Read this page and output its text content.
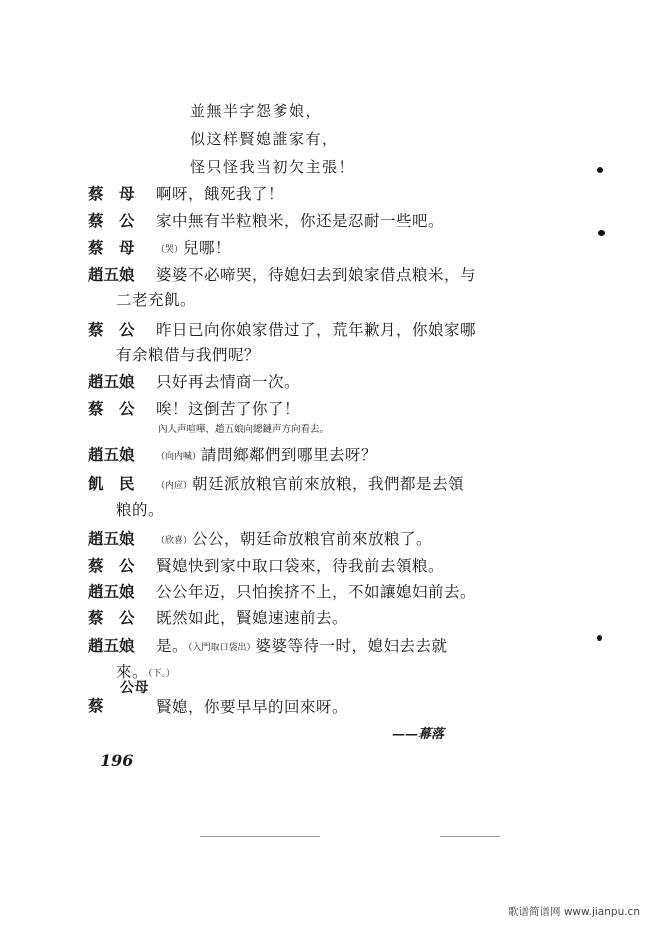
並無半字怨爹娘，
似这样賢媳誰家有，
怪只怪我当初欠主張！
蔡　母 啊呀，餓死我了！
蔡　公 家中無有半粒粮米，你还是忍耐一些吧。
蔡　母 （哭）兒哪！
趙五娘 婆婆不必啼哭，待媳妇去到娘家借点粮米，与
二老充飢。
蔡　公 昨日已向你娘家借过了，荒年歉月，你娘家哪
有余粮借与我們呢？
趙五娘 只好再去情商一次。
蔡　公 唉！这倒苦了你了！
內人声喧嘩，趙五娘向總鏈声方向看去。
趙五娘 （向内喊）請問鄉鄰們到哪里去呀？
飢　民 （内应）朝廷派放粮官前來放粮，我們都是去領
粮的。
趙五娘 （欣喜）公公，朝廷命放粮官前來放粮了。
蔡　公 賢媳快到家中取口袋來，待我前去領粮。
趙五娘 公公年迈，只怕挨挤不上，不如讓媳妇前去。
蔡　公 既然如此，賢媳速速前去。
趙五娘 是。（入門取口袋出）婆婆等待一时，媳妇去去就
來。（下。）
蔡
公母
賢媳，你要早早的回來呀。
——幕落
196
歌谱简谱网 www.jianpu.cn
